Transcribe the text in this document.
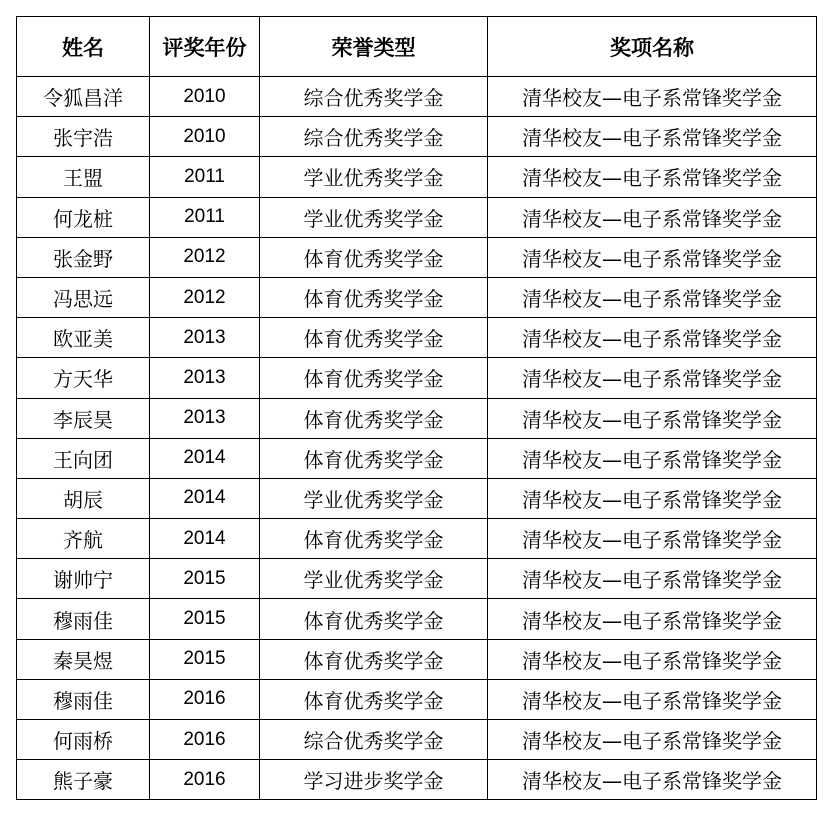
姓名	评奖年份	荣誉类型	奖项名称
令狐昌洋	2010	综合优秀奖学金	清华校友—电子系常锋奖学金
张宇浩	2010	综合优秀奖学金	清华校友—电子系常锋奖学金
王盟	2011	学业优秀奖学金	清华校友—电子系常锋奖学金
何龙桩	2011	学业优秀奖学金	清华校友—电子系常锋奖学金
张金野	2012	体育优秀奖学金	清华校友—电子系常锋奖学金
冯思远	2012	体育优秀奖学金	清华校友—电子系常锋奖学金
欧亚美	2013	体育优秀奖学金	清华校友—电子系常锋奖学金
方天华	2013	体育优秀奖学金	清华校友—电子系常锋奖学金
李辰昊	2013	体育优秀奖学金	清华校友—电子系常锋奖学金
王向团	2014	体育优秀奖学金	清华校友—电子系常锋奖学金
胡辰	2014	学业优秀奖学金	清华校友—电子系常锋奖学金
齐航	2014	体育优秀奖学金	清华校友—电子系常锋奖学金
谢帅宁	2015	学业优秀奖学金	清华校友—电子系常锋奖学金
穆雨佳	2015	体育优秀奖学金	清华校友—电子系常锋奖学金
秦昊煜	2015	体育优秀奖学金	清华校友—电子系常锋奖学金
穆雨佳	2016	体育优秀奖学金	清华校友—电子系常锋奖学金
何雨桥	2016	综合优秀奖学金	清华校友—电子系常锋奖学金
熊子豪	2016	学习进步奖学金	清华校友—电子系常锋奖学金
